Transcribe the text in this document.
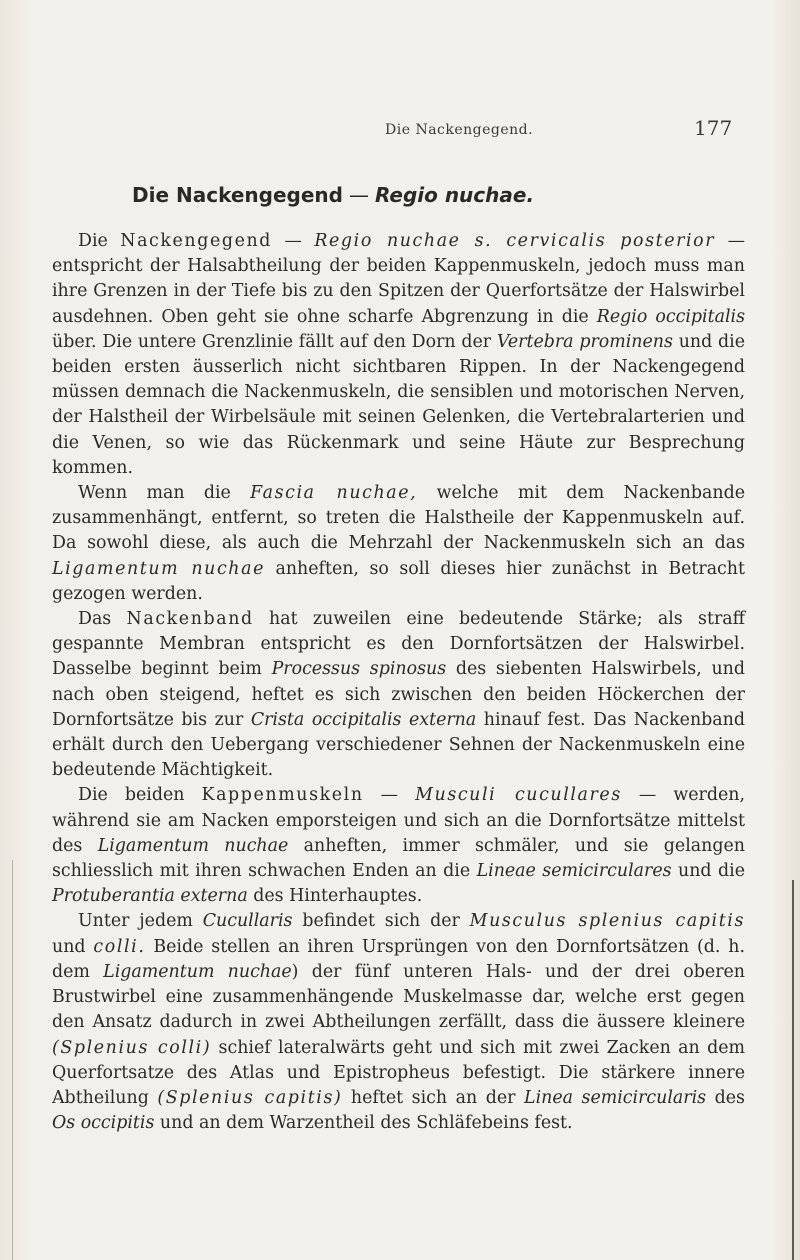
Die Nackengegend.	177
Die Nackengegend — Regio nuchae.

Die Nackengegend — Regio nuchae s. cervicalis posterior — entspricht der Halsabtheilung der beiden Kappenmuskeln, jedoch muss man ihre Grenzen in der Tiefe bis zu den Spitzen der Querfortsätze der Halswirbel ausdehnen. Oben geht sie ohne scharfe Abgrenzung in die Regio occipitalis über. Die untere Grenzlinie fällt auf den Dorn der Vertebra prominens und die beiden ersten äusserlich nicht sichtbaren Rippen. In der Nackengegend müssen demnach die Nackenmuskeln, die sensiblen und motorischen Nerven, der Halstheil der Wirbelsäule mit seinen Gelenken, die Vertebralarterien und die Venen, so wie das Rückenmark und seine Häute zur Besprechung kommen.

Wenn man die Fascia nuchae, welche mit dem Nackenbande zusammenhängt, entfernt, so treten die Halstheile der Kappenmuskeln auf. Da sowohl diese, als auch die Mehrzahl der Nackenmuskeln sich an das Ligamentum nuchae anheften, so soll dieses hier zunächst in Betracht gezogen werden.

Das Nackenband hat zuweilen eine bedeutende Stärke; als straff gespannte Membran entspricht es den Dornfortsätzen der Halswirbel. Dasselbe beginnt beim Processus spinosus des siebenten Halswirbels, und nach oben steigend, heftet es sich zwischen den beiden Höckerchen der Dornfortsätze bis zur Crista occipitalis externa hinauf fest. Das Nackenband erhält durch den Uebergang verschiedener Sehnen der Nackenmuskeln eine bedeutende Mächtigkeit.

Die beiden Kappenmuskeln — Musculi cucullares — werden, während sie am Nacken emporsteigen und sich an die Dornfortsätze mittelst des Ligamentum nuchae anheften, immer schmäler, und sie gelangen schliesslich mit ihren schwachen Enden an die Lineae semicirculares und die Protuberantia externa des Hinterhauptes.

Unter jedem Cucullaris befindet sich der Musculus splenius capitis und colli. Beide stellen an ihren Ursprüngen von den Dornfortsätzen (d. h. dem Ligamentum nuchae) der fünf unteren Hals- und der drei oberen Brustwirbel eine zusammenhängende Muskelmasse dar, welche erst gegen den Ansatz dadurch in zwei Abtheilungen zerfällt, dass die äussere kleinere (Splenius colli) schief lateralwärts geht und sich mit zwei Zacken an dem Querfortsatze des Atlas und Epistropheus befestigt. Die stärkere innere Abtheilung (Splenius capitis) heftet sich an der Linea semicircularis des Os occipitis und an dem Warzentheil des Schläfebeins fest.
